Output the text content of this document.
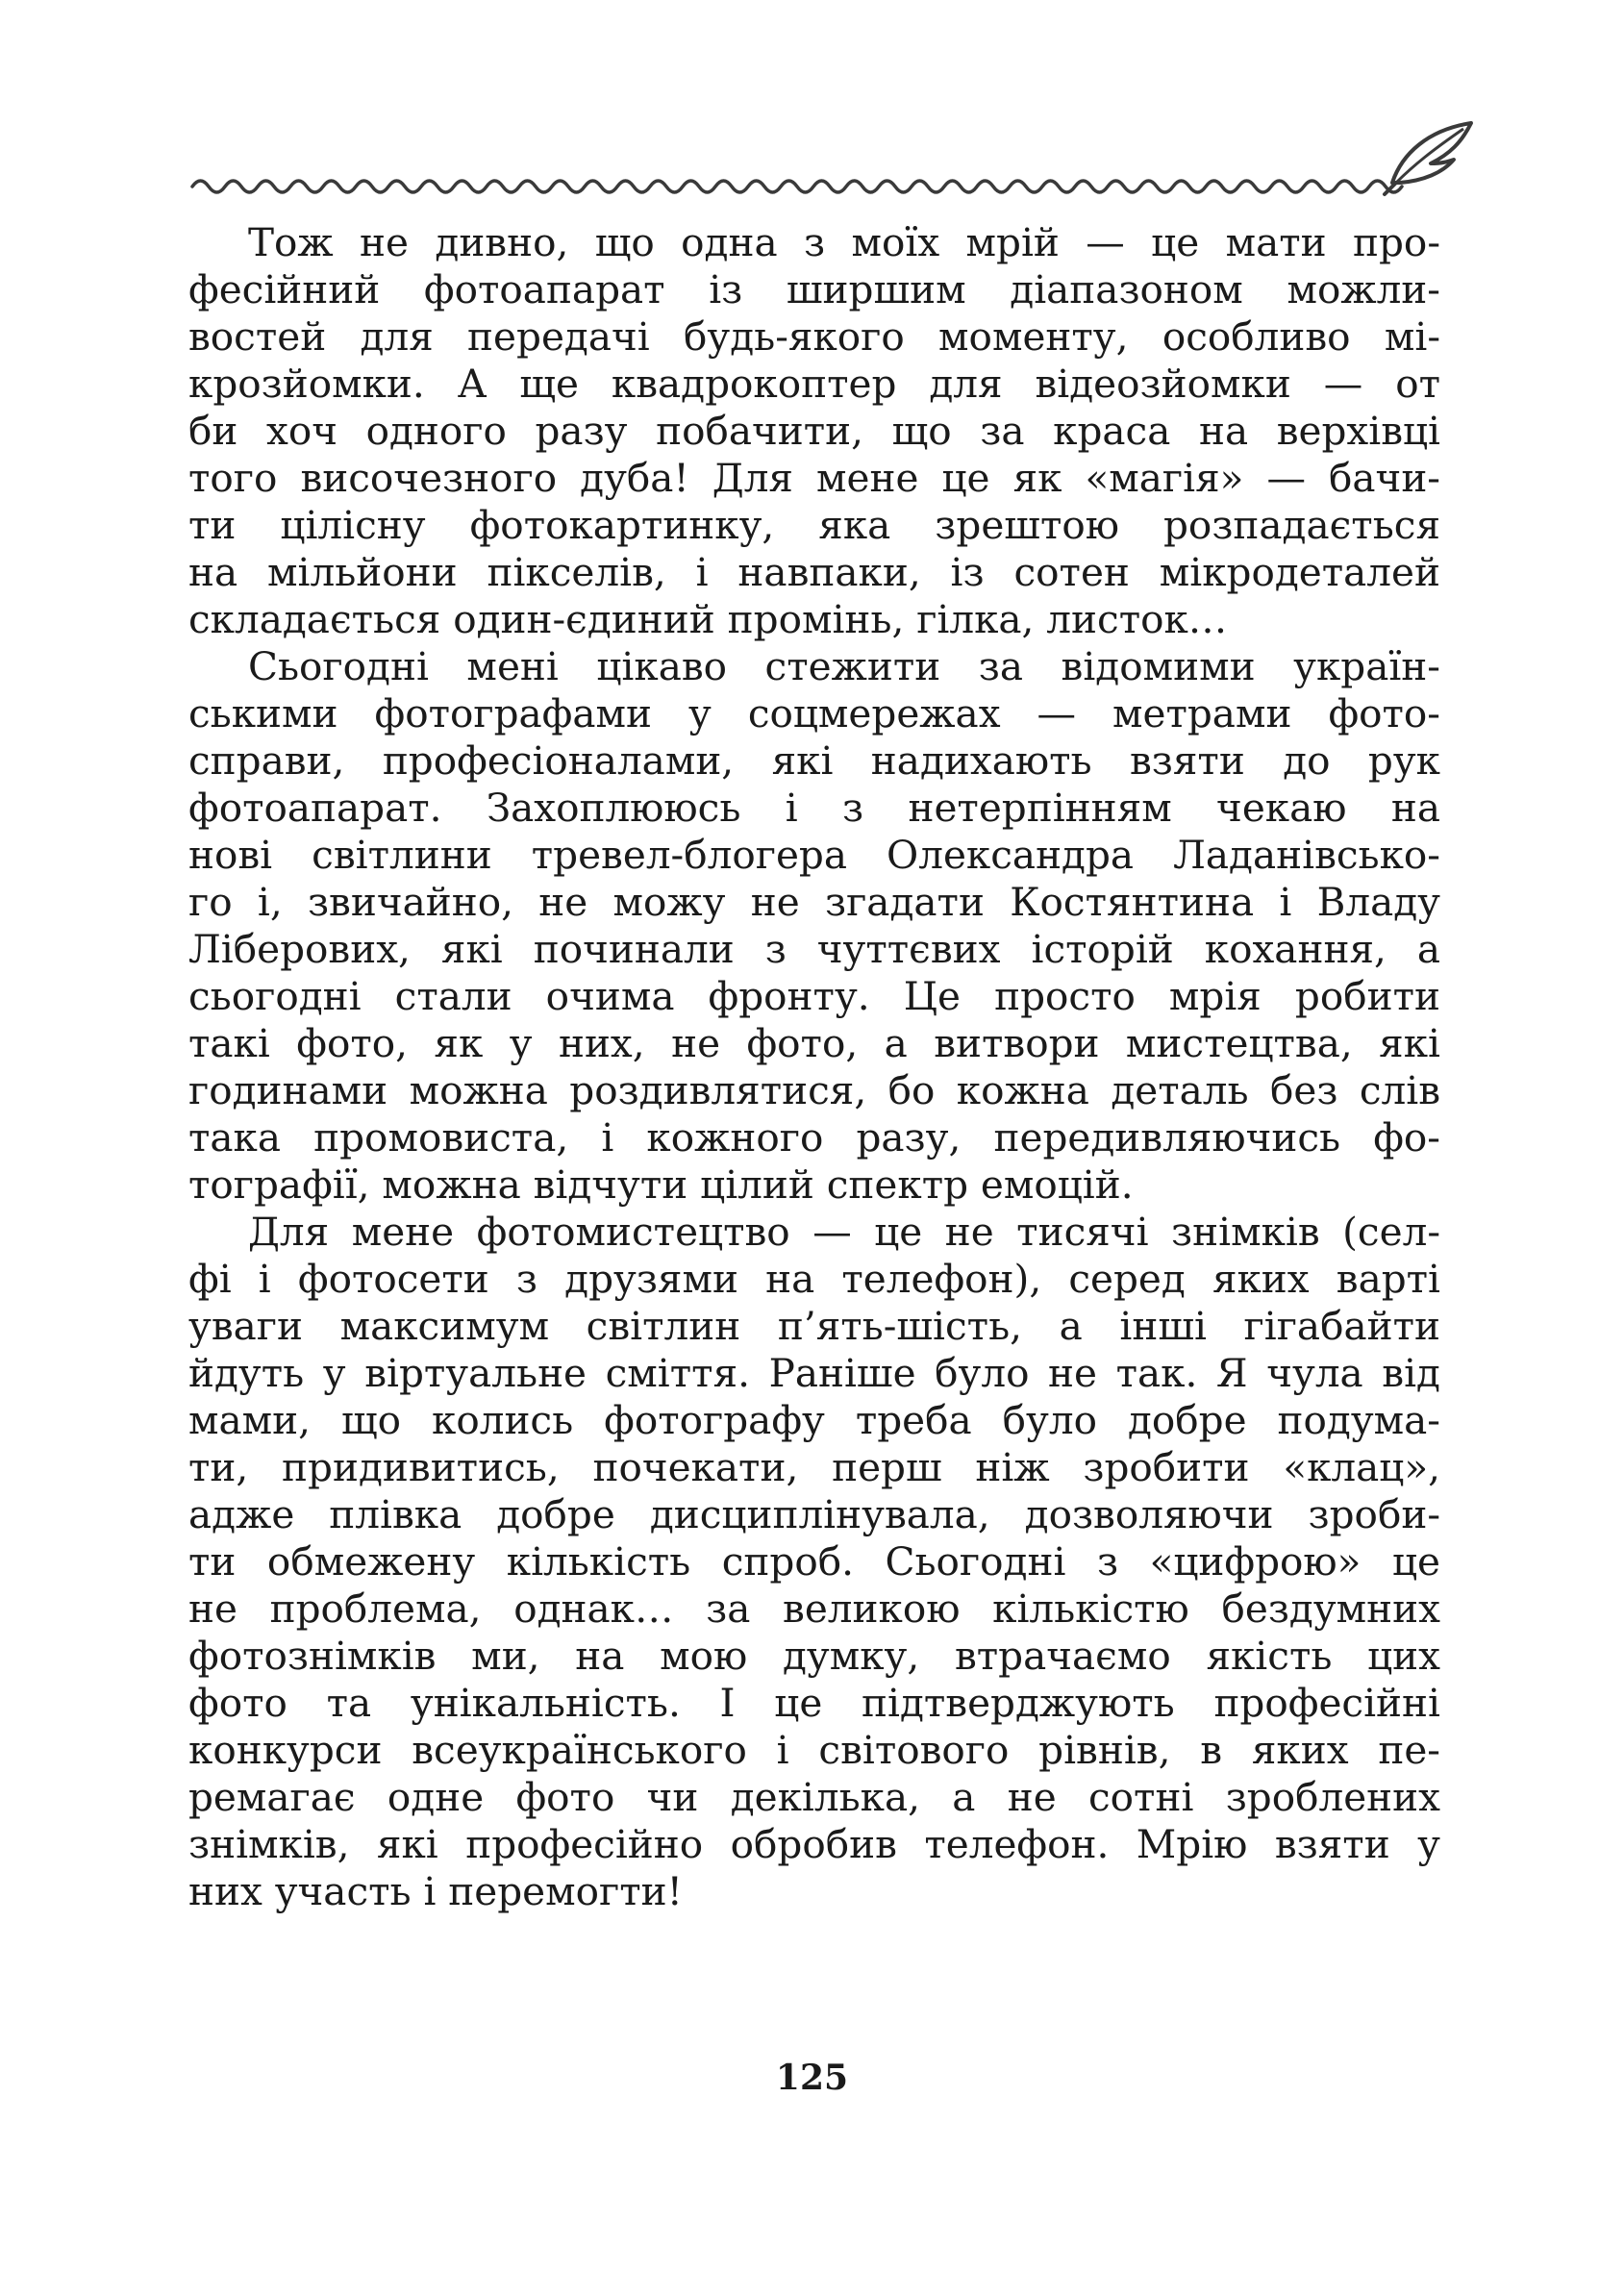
Тож не дивно, що одна з моїх мрій — це мати про-
фесійний фотоапарат із ширшим діапазоном можли-
востей для передачі будь-якого моменту, особливо мі-
крозйомки. А ще квадрокоптер для відеозйомки — от
би хоч одного разу побачити, що за краса на верхівці
того височезного дуба! Для мене це як «магія» — бачи-
ти цілісну фотокартинку, яка зрештою розпадається
на мільйони пікселів, і навпаки, із сотен мікродеталей
складається один-єдиний промінь, гілка, листок…
Сьогодні мені цікаво стежити за відомими україн-
ськими фотографами у соцмережах — метрами фото-
справи, професіоналами, які надихають взяти до рук
фотоапарат. Захоплююсь і з нетерпінням чекаю на
нові світлини тревел-блогера Олександра Ладанівсько-
го і, звичайно, не можу не згадати Костянтина і Владу
Ліберових, які починали з чуттєвих історій кохання, а
сьогодні стали очима фронту. Це просто мрія робити
такі фото, як у них, не фото, а витвори мистецтва, які
годинами можна роздивлятися, бо кожна деталь без слів
така промовиста, і кожного разу, передивляючись фо-
тографії, можна відчути цілий спектр емоцій.
Для мене фотомистецтво — це не тисячі знімків (сел-
фі і фотосети з друзями на телефон), серед яких варті
уваги максимум світлин п’ять-шість, а інші гігабайти
йдуть у віртуальне сміття. Раніше було не так. Я чула від
мами, що колись фотографу треба було добре подума-
ти, придивитись, почекати, перш ніж зробити «клац»,
адже плівка добре дисциплінувала, дозволяючи зроби-
ти обмежену кількість спроб. Сьогодні з «цифрою» це
не проблема, однак… за великою кількістю бездумних
фотознімків ми, на мою думку, втрачаємо якість цих
фото та унікальність. І це підтверджують професійні
конкурси всеукраїнського і світового рівнів, в яких пе-
ремагає одне фото чи декілька, а не сотні зроблених
знімків, які професійно обробив телефон. Мрію взяти у
них участь і перемогти!
125
